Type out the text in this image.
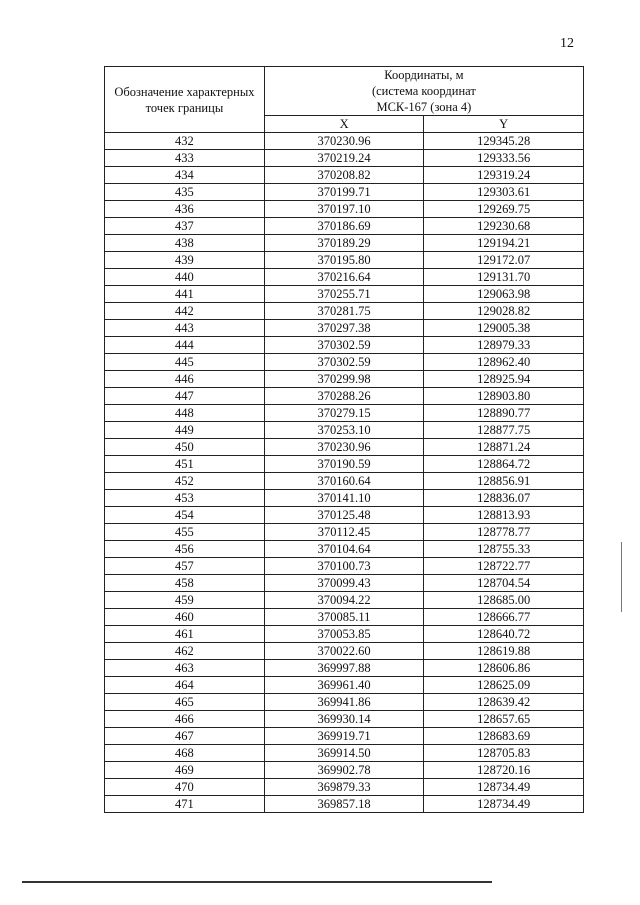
12
Обозначение характерных точек границы	Координаты, м
(система координат
МСК-167 (зона 4)	

	X	Y
432	370230.96	129345.28
433	370219.24	129333.56
434	370208.82	129319.24
435	370199.71	129303.61
436	370197.10	129269.75
437	370186.69	129230.68
438	370189.29	129194.21
439	370195.80	129172.07
440	370216.64	129131.70
441	370255.71	129063.98
442	370281.75	129028.82
443	370297.38	129005.38
444	370302.59	128979.33
445	370302.59	128962.40
446	370299.98	128925.94
447	370288.26	128903.80
448	370279.15	128890.77
449	370253.10	128877.75
450	370230.96	128871.24
451	370190.59	128864.72
452	370160.64	128856.91
453	370141.10	128836.07
454	370125.48	128813.93
455	370112.45	128778.77
456	370104.64	128755.33
457	370100.73	128722.77
458	370099.43	128704.54
459	370094.22	128685.00
460	370085.11	128666.77
461	370053.85	128640.72
462	370022.60	128619.88
463	369997.88	128606.86
464	369961.40	128625.09
465	369941.86	128639.42
466	369930.14	128657.65
467	369919.71	128683.69
468	369914.50	128705.83
469	369902.78	128720.16
470	369879.33	128734.49
471	369857.18	128734.49
